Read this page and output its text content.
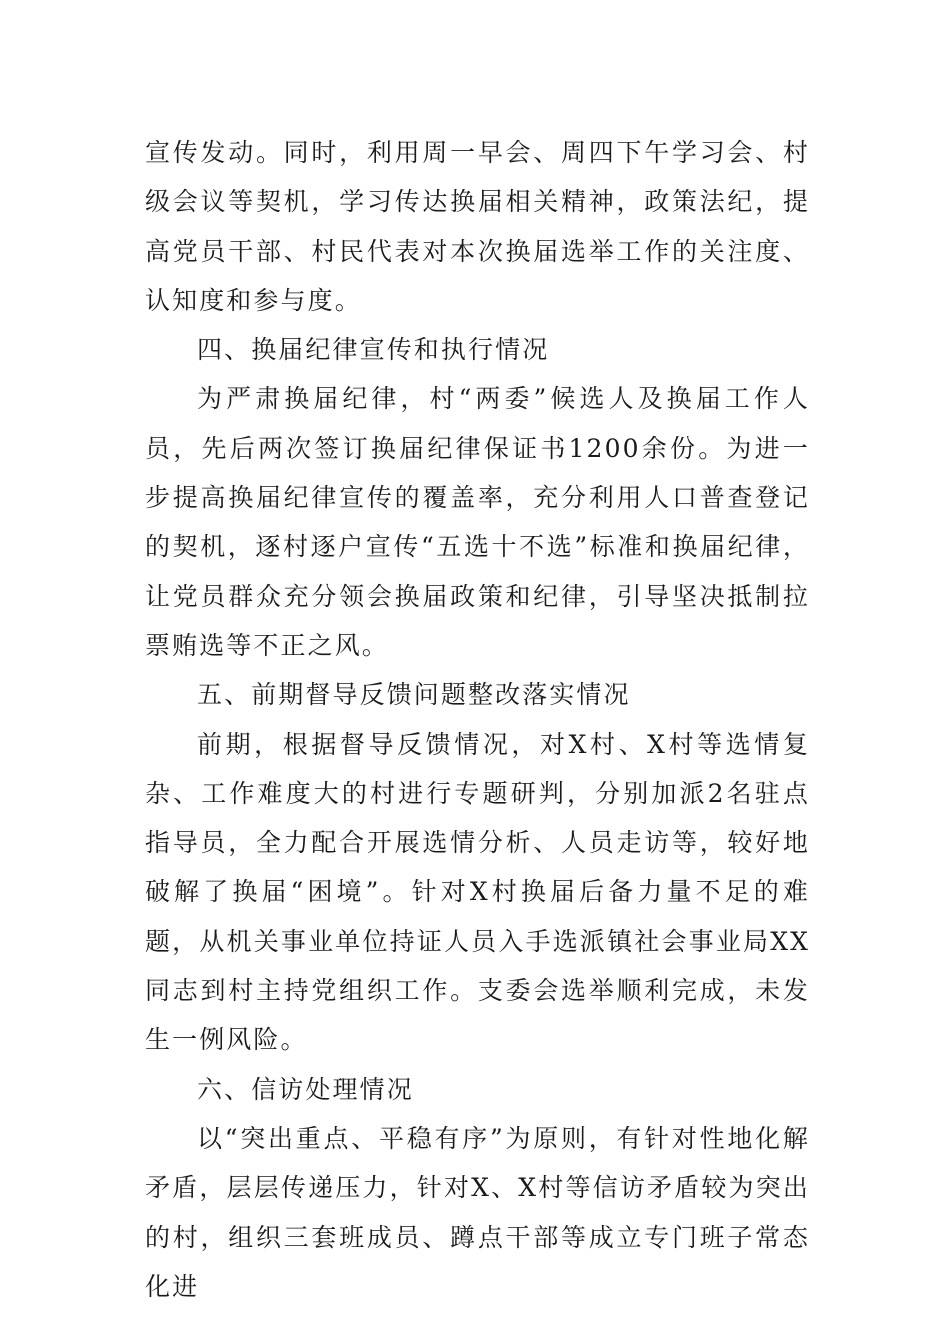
宣传发动。同时，利用周一早会、周四下午学习会、村级会议等契机，学习传达换届相关精神，政策法纪，提高党员干部、村民代表对本次换届选举工作的关注度、认知度和参与度。

四、换届纪律宣传和执行情况

为严肃换届纪律，村“两委”候选人及换届工作人员，先后两次签订换届纪律保证书1200余份。为进一步提高换届纪律宣传的覆盖率，充分利用人口普查登记的契机，逐村逐户宣传“五选十不选”标准和换届纪律，让党员群众充分领会换届政策和纪律，引导坚决抵制拉票贿选等不正之风。

五、前期督导反馈问题整改落实情况

前期，根据督导反馈情况，对X村、X村等选情复杂、工作难度大的村进行专题研判，分别加派2名驻点指导员，全力配合开展选情分析、人员走访等，较好地破解了换届“困境”。针对X村换届后备力量不足的难题，从机关事业单位持证人员入手选派镇社会事业局XX同志到村主持党组织工作。支委会选举顺利完成，未发生一例风险。

六、信访处理情况

以“突出重点、平稳有序”为原则，有针对性地化解矛盾，层层传递压力，针对X、X村等信访矛盾较为突出的村，组织三套班成员、蹲点干部等成立专门班子常态化进
